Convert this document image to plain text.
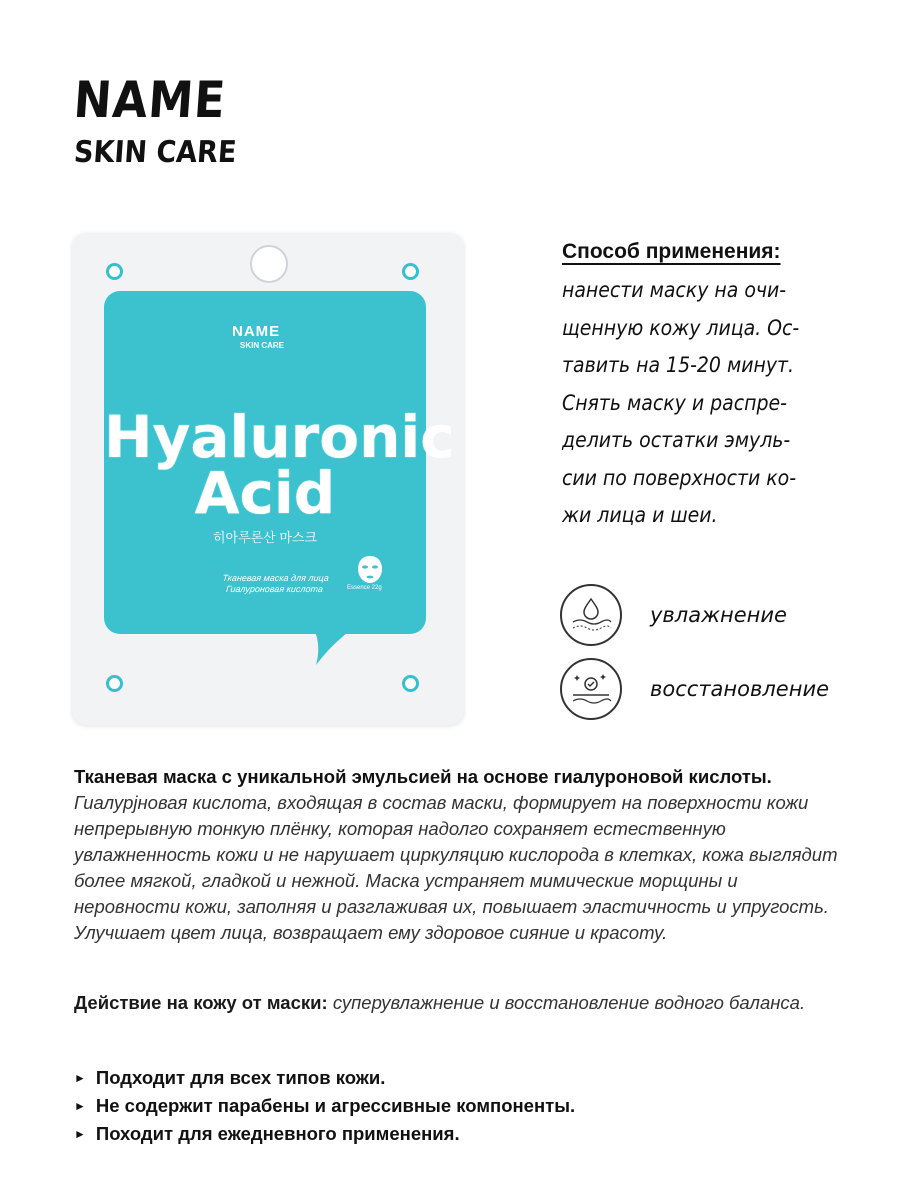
NAME
SKIN CARE
NAME
SKIN CARE
Hyaluronic
Acid
히아루론산 마스크
Тканевая маска для лица
Гиалуроновая кислота	Essence 22g
Способ применения:
нанести маску на очи-
щенную кожу лица. Ос-
тавить на 15-20 минут.
Снять маску и распре-
делить остатки эмуль-
сии по поверхности ко-
жи лица и шеи.
увлажнение
восстановление
Тканевая маска с уникальной эмульсией на основе гиалуроновой кислоты.
Гиалурјновая кислота, входящая в состав маски, формирует на поверхности кожи непрерывную тонкую плёнку, которая надолго сохраняет естественную увлажненность кожи и не нарушает циркуляцию кислорода в клетках, кожа выглядит более мягкой, гладкой и нежной. Маска устраняет мимические морщины и неровности кожи, заполняя и разглаживая их, повышает эластичность и упругость. Улучшает цвет лица, возвращает ему здоровое сияние и красоту.
Действие на кожу от маски: суперувлажнение и восстановление водного баланса.
► Подходит для всех типов кожи.
► Не содержит парабены и агрессивные компоненты.
► Походит для ежедневного применения.
